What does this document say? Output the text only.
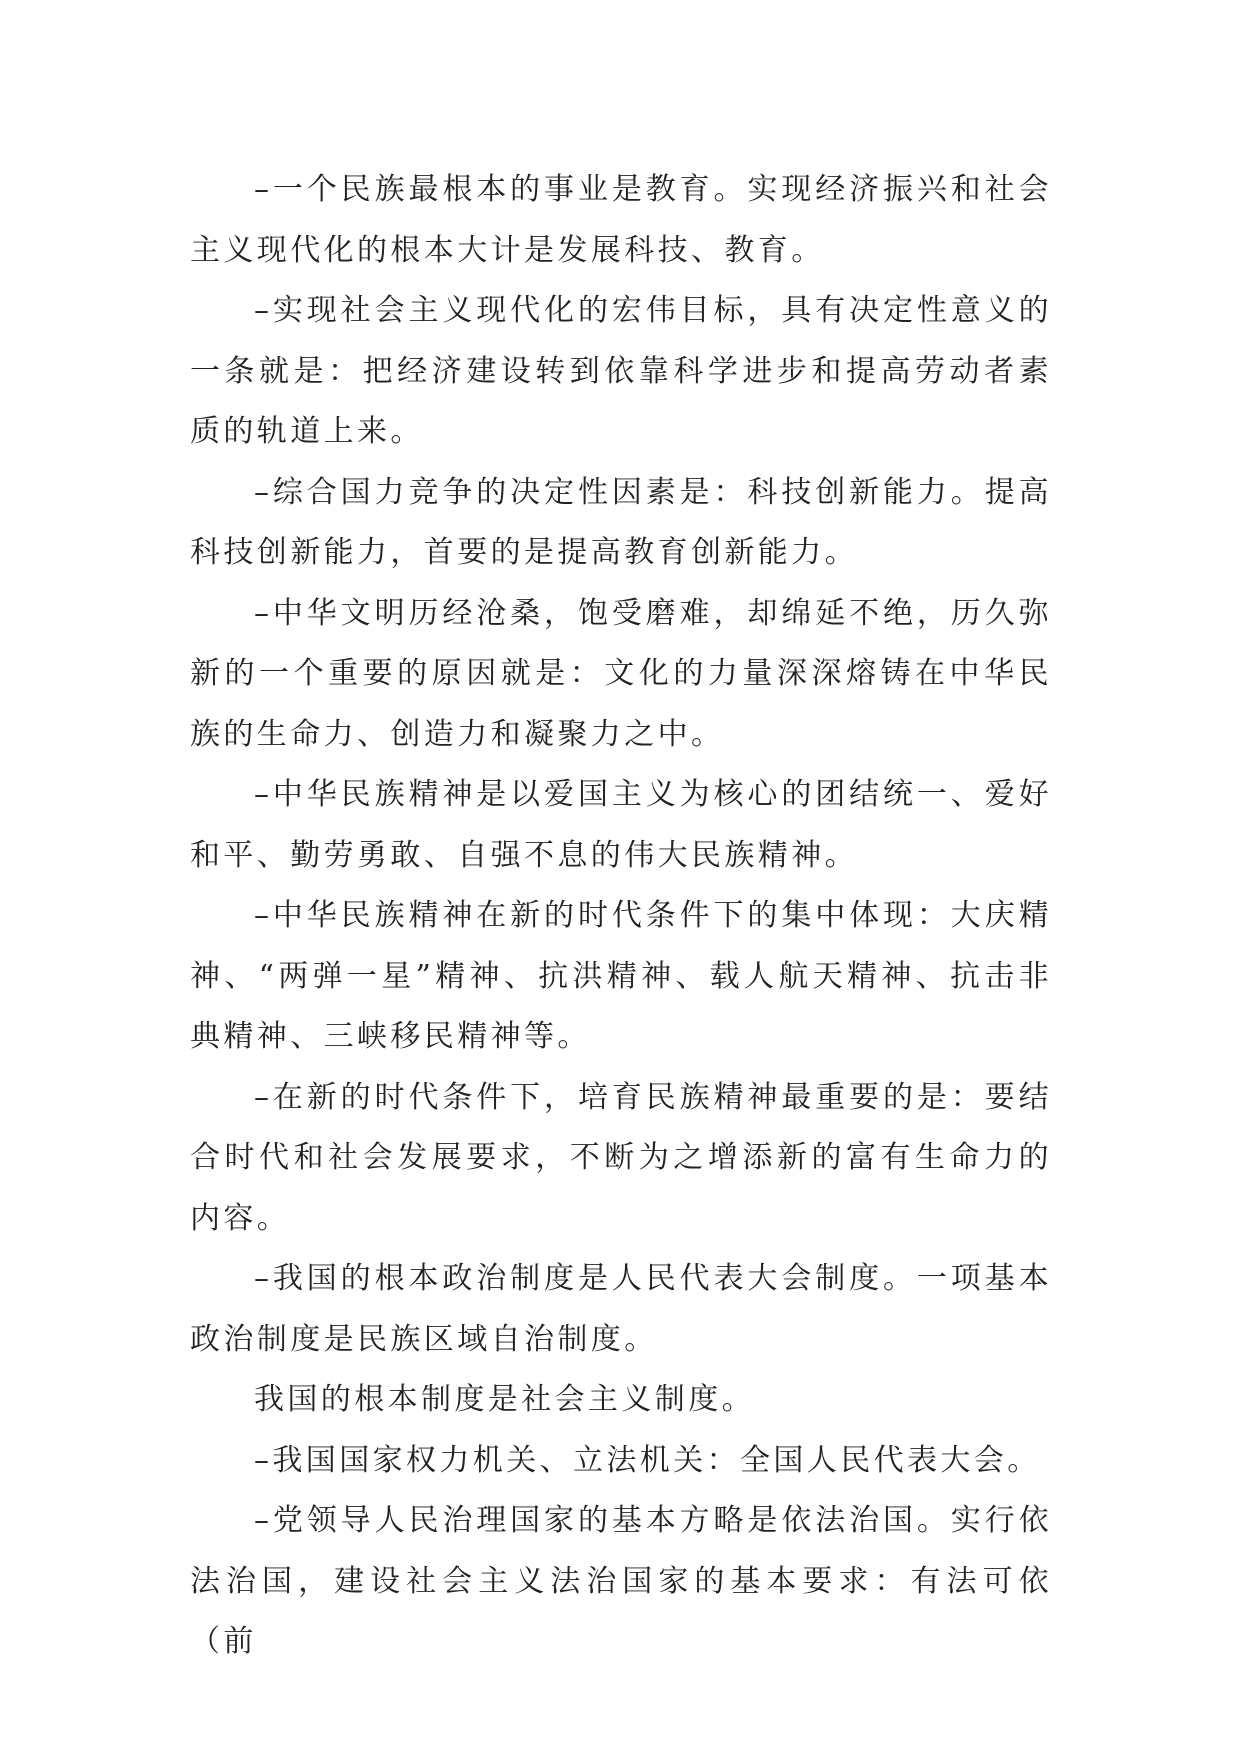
–一个民族最根本的事业是教育。实现经济振兴和社会主义现代化的根本大计是发展科技、教育。

–实现社会主义现代化的宏伟目标，具有决定性意义的一条就是：把经济建设转到依靠科学进步和提高劳动者素质的轨道上来。

–综合国力竞争的决定性因素是：科技创新能力。提高科技创新能力，首要的是提高教育创新能力。

–中华文明历经沧桑，饱受磨难，却绵延不绝，历久弥新的一个重要的原因就是：文化的力量深深熔铸在中华民族的生命力、创造力和凝聚力之中。

–中华民族精神是以爱国主义为核心的团结统一、爱好和平、勤劳勇敢、自强不息的伟大民族精神。

–中华民族精神在新的时代条件下的集中体现：大庆精神、“两弹一星”精神、抗洪精神、载人航天精神、抗击非典精神、三峡移民精神等。

–在新的时代条件下，培育民族精神最重要的是：要结合时代和社会发展要求，不断为之增添新的富有生命力的内容。

–我国的根本政治制度是人民代表大会制度。一项基本政治制度是民族区域自治制度。

我国的根本制度是社会主义制度。

–我国国家权力机关、立法机关：全国人民代表大会。

–党领导人民治理国家的基本方略是依法治国。实行依法治国，建设社会主义法治国家的基本要求：有法可依（前
